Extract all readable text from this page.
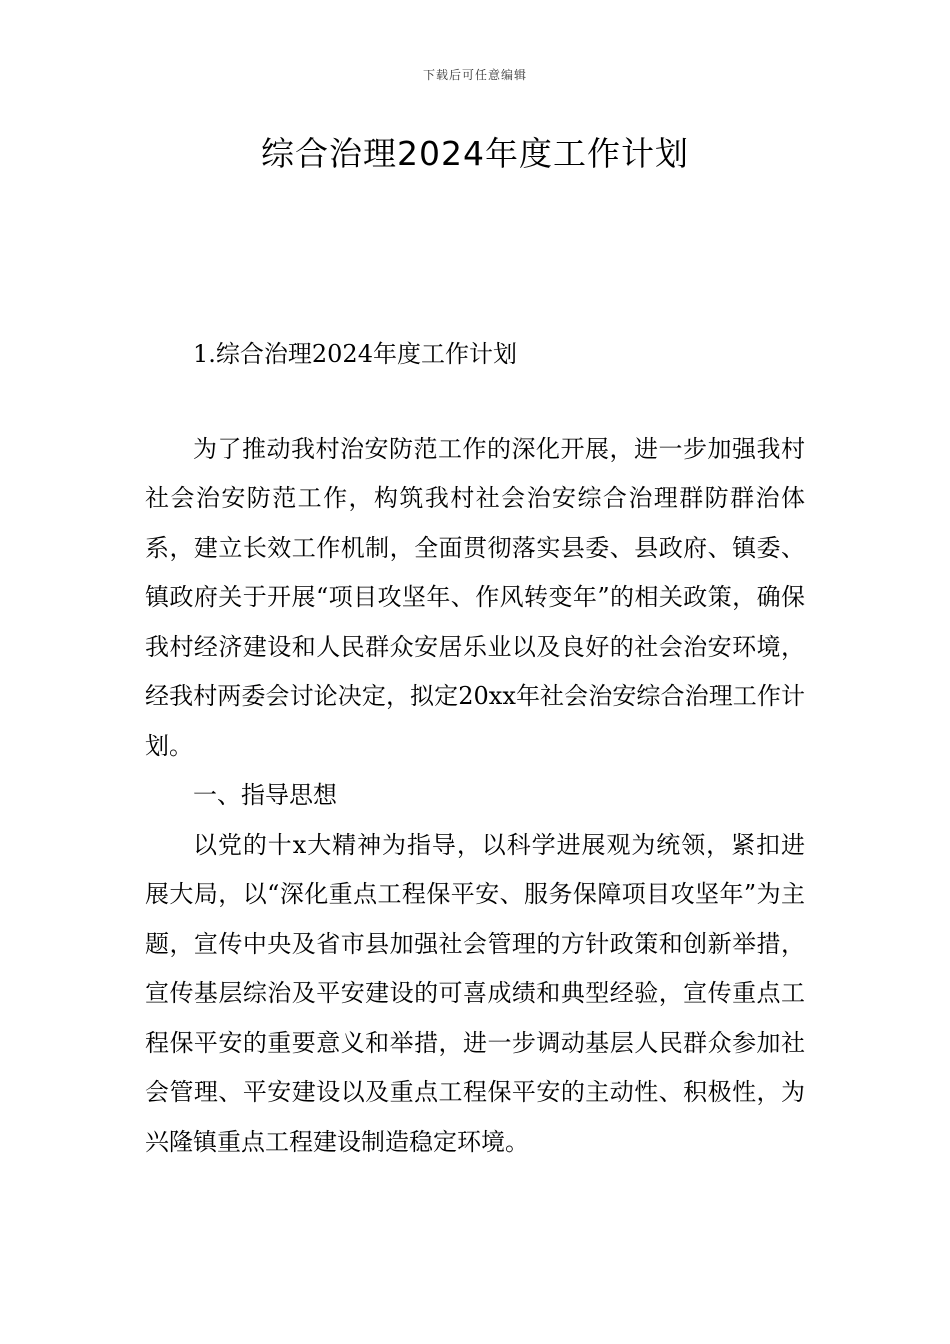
下载后可任意编辑
综合治理2024年度工作计划

1.综合治理2024年度工作计划

为了推动我村治安防范工作的深化开展，进一步加强我村社会治安防范工作，构筑我村社会治安综合治理群防群治体系，建立长效工作机制，全面贯彻落实县委、县政府、镇委、镇政府关于开展“项目攻坚年、作风转变年”的相关政策，确保我村经济建设和人民群众安居乐业以及良好的社会治安环境，经我村两委会讨论决定，拟定20xx年社会治安综合治理工作计划。

一、指导思想

以党的十x大精神为指导，以科学进展观为统领，紧扣进展大局，以“深化重点工程保平安、服务保障项目攻坚年”为主题，宣传中央及省市县加强社会管理的方针政策和创新举措，宣传基层综治及平安建设的可喜成绩和典型经验，宣传重点工程保平安的重要意义和举措，进一步调动基层人民群众参加社会管理、平安建设以及重点工程保平安的主动性、积极性，为兴隆镇重点工程建设制造稳定环境。
